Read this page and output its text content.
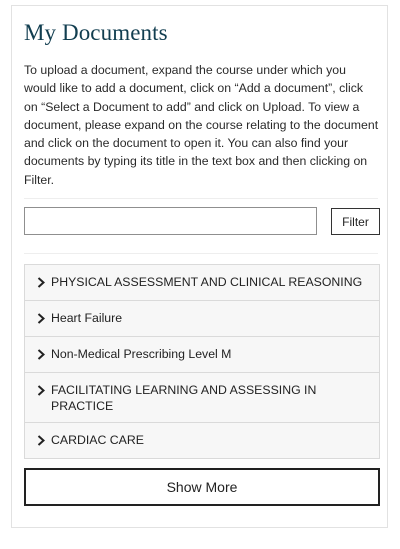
My Documents

To upload a document, expand the course under which you would like to add a document, click on “Add a document”, click on “Select a Document to add” and click on Upload. To view a document, please expand on the course relating to the document and click on the document to open it. You can also find your documents by typing its title in the text box and then clicking on Filter.

Filter
PHYSICAL ASSESSMENT AND CLINICAL REASONING
Heart Failure
Non-Medical Prescribing Level M
FACILITATING LEARNING AND ASSESSING IN PRACTICE
CARDIAC CARE
Show More
